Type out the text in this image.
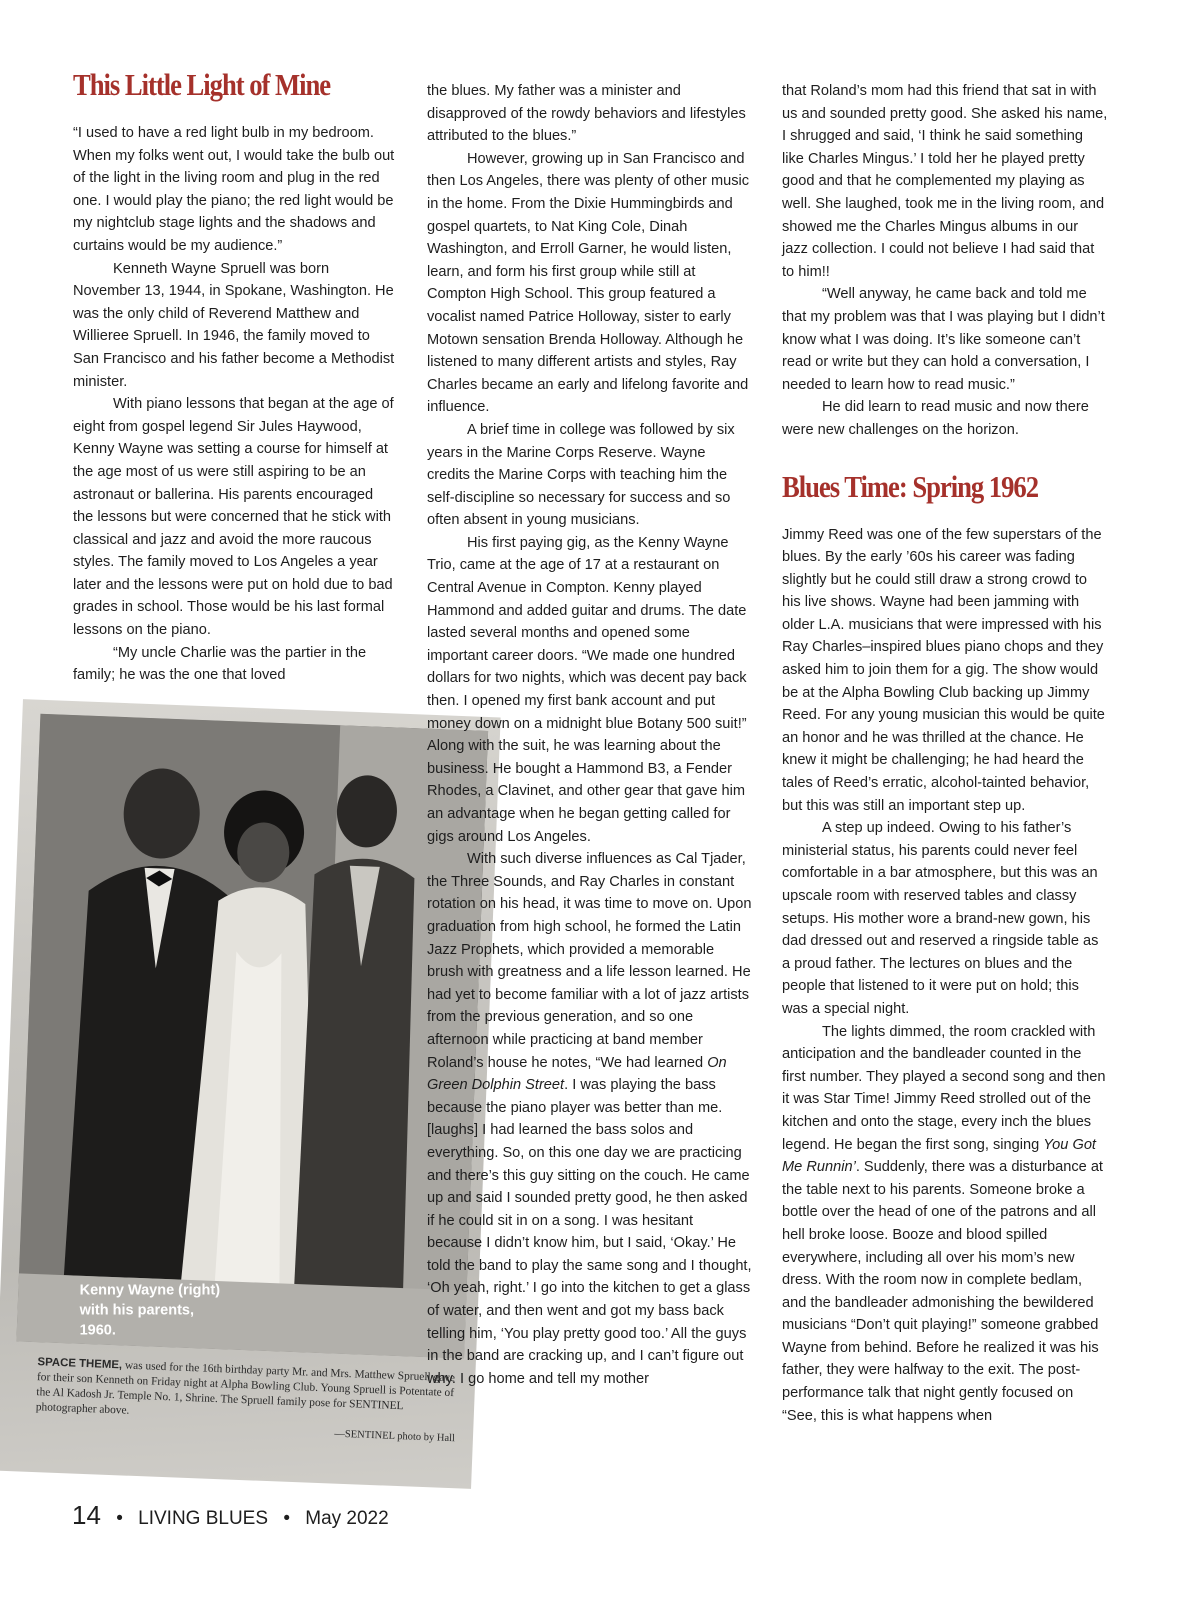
This Little Light of Mine

“I used to have a red light bulb in my bedroom. When my folks went out, I would take the bulb out of the light in the living room and plug in the red one. I would play the piano; the red light would be my nightclub stage lights and the shadows and curtains would be my audience.”

Kenneth Wayne Spruell was born November 13, 1944, in Spokane, Washington. He was the only child of Reverend Matthew and Willieree Spruell. In 1946, the family moved to San Francisco and his father become a Methodist minister.

With piano lessons that began at the age of eight from gospel legend Sir Jules Haywood, Kenny Wayne was setting a course for himself at the age most of us were still aspiring to be an astronaut or ballerina. His parents encouraged the lessons but were concerned that he stick with classical and jazz and avoid the more raucous styles. The family moved to Los Angeles a year later and the lessons were put on hold due to bad grades in school. Those would be his last formal lessons on the piano.

“My uncle Charlie was the partier in the family; he was the one that loved

Kenny Wayne (right) with his parents, 1960.
SPACE THEME, was used for the 16th birthday party Mr. and Mrs. Matthew Spruell gave for their son Kenneth on Friday night at Alpha Bowling Club. Young Spruell is Potentate of the Al Kadosh Jr. Temple No. 1, Shrine. The Spruell family pose for SENTINEL photographer above.
—SENTINEL photo by Hall

the blues. My father was a minister and disapproved of the rowdy behaviors and lifestyles attributed to the blues.”

However, growing up in San Francisco and then Los Angeles, there was plenty of other music in the home. From the Dixie Hummingbirds and gospel quartets, to Nat King Cole, Dinah Washington, and Erroll Garner, he would listen, learn, and form his first group while still at Compton High School. This group featured a vocalist named Patrice Holloway, sister to early Motown sensation Brenda Holloway. Although he listened to many different artists and styles, Ray Charles became an early and lifelong favorite and influence.

A brief time in college was followed by six years in the Marine Corps Reserve. Wayne credits the Marine Corps with teaching him the self-discipline so necessary for success and so often absent in young musicians.

His first paying gig, as the Kenny Wayne Trio, came at the age of 17 at a restaurant on Central Avenue in Compton. Kenny played Hammond and added guitar and drums. The date lasted several months and opened some important career doors. “We made one hundred dollars for two nights, which was decent pay back then. I opened my first bank account and put money down on a midnight blue Botany 500 suit!” Along with the suit, he was learning about the business. He bought a Hammond B3, a Fender Rhodes, a Clavinet, and other gear that gave him an advantage when he began getting called for gigs around Los Angeles.

With such diverse influences as Cal Tjader, the Three Sounds, and Ray Charles in constant rotation on his head, it was time to move on. Upon graduation from high school, he formed the Latin Jazz Prophets, which provided a memorable brush with greatness and a life lesson learned. He had yet to become familiar with a lot of jazz artists from the previous generation, and so one afternoon while practicing at band member Roland’s house he notes, “We had learned On Green Dolphin Street. I was playing the bass because the piano player was better than me. [laughs] I had learned the bass solos and everything. So, on this one day we are practicing and there’s this guy sitting on the couch. He came up and said I sounded pretty good, he then asked if he could sit in on a song. I was hesitant because I didn’t know him, but I said, ‘Okay.’ He told the band to play the same song and I thought, ‘Oh yeah, right.’ I go into the kitchen to get a glass of water, and then went and got my bass back telling him, ‘You play pretty good too.’ All the guys in the band are cracking up, and I can’t figure out why. I go home and tell my mother

that Roland’s mom had this friend that sat in with us and sounded pretty good. She asked his name, I shrugged and said, ‘I think he said something like Charles Mingus.’ I told her he played pretty good and that he complemented my playing as well. She laughed, took me in the living room, and showed me the Charles Mingus albums in our jazz collection. I could not believe I had said that to him!!

“Well anyway, he came back and told me that my problem was that I was playing but I didn’t know what I was doing. It’s like someone can’t read or write but they can hold a conversation, I needed to learn how to read music.”

He did learn to read music and now there were new challenges on the horizon.

Blues Time: Spring 1962

Jimmy Reed was one of the few superstars of the blues. By the early ’60s his career was fading slightly but he could still draw a strong crowd to his live shows. Wayne had been jamming with older L.A. musicians that were impressed with his Ray Charles–inspired blues piano chops and they asked him to join them for a gig. The show would be at the Alpha Bowling Club backing up Jimmy Reed. For any young musician this would be quite an honor and he was thrilled at the chance. He knew it might be challenging; he had heard the tales of Reed’s erratic, alcohol-tainted behavior, but this was still an important step up.

A step up indeed. Owing to his father’s ministerial status, his parents could never feel comfortable in a bar atmosphere, but this was an upscale room with reserved tables and classy setups. His mother wore a brand-new gown, his dad dressed out and reserved a ringside table as a proud father. The lectures on blues and the people that listened to it were put on hold; this was a special night.

The lights dimmed, the room crackled with anticipation and the bandleader counted in the first number. They played a second song and then it was Star Time! Jimmy Reed strolled out of the kitchen and onto the stage, every inch the blues legend. He began the first song, singing You Got Me Runnin’. Suddenly, there was a disturbance at the table next to his parents. Someone broke a bottle over the head of one of the patrons and all hell broke loose. Booze and blood spilled everywhere, including all over his mom’s new dress. With the room now in complete bedlam, and the bandleader admonishing the bewildered musicians “Don’t quit playing!” someone grabbed Wayne from behind. Before he realized it was his father, they were halfway to the exit. The post-performance talk that night gently focused on “See, this is what happens when

14 • LIVING BLUES • May 2022
